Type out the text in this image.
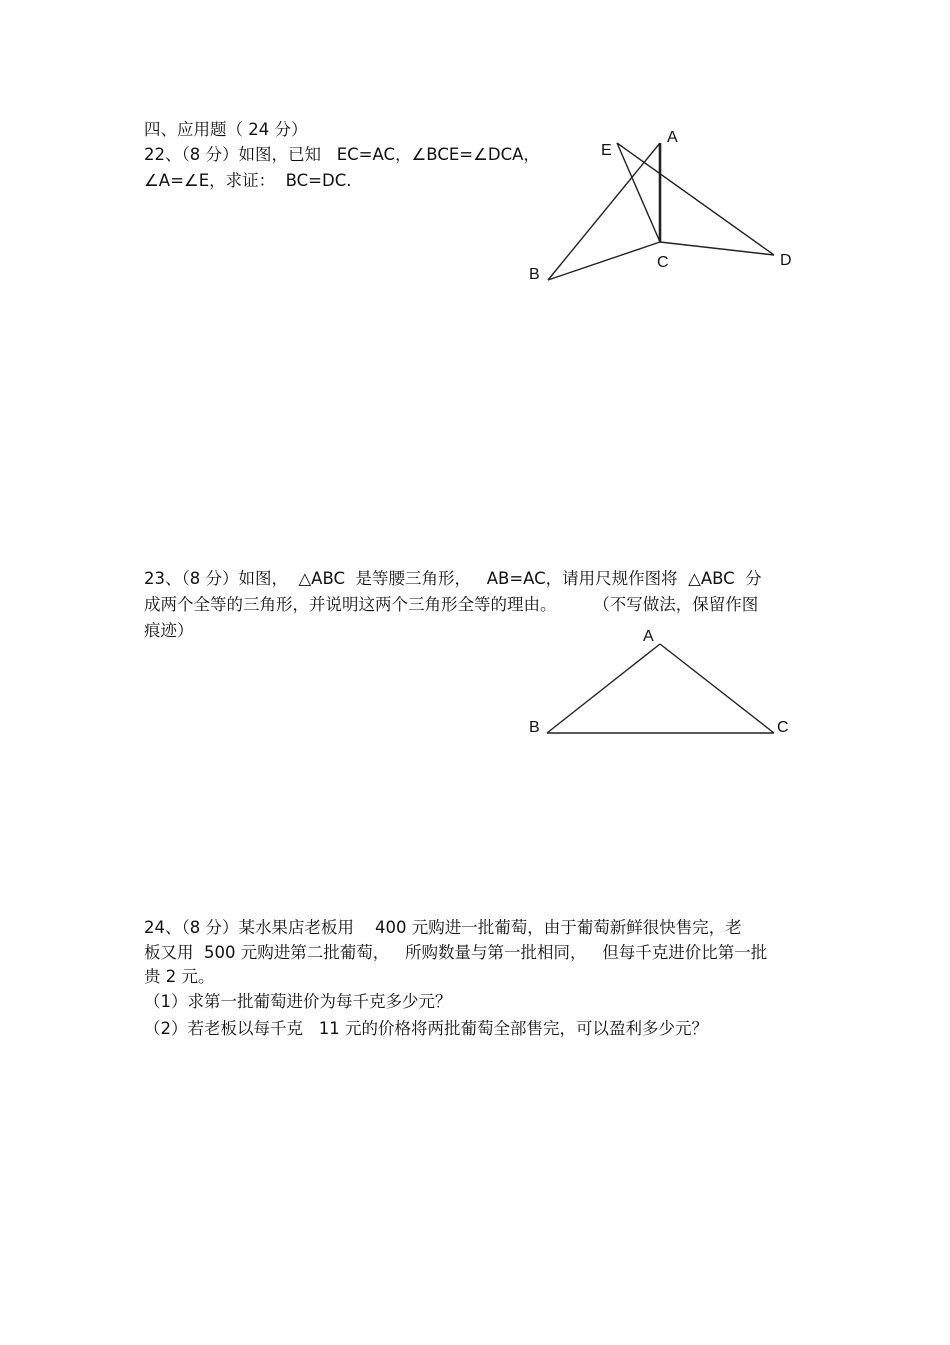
四、应用题（ 24 分）
22、（8 分）如图，已知   EC=AC，∠BCE=∠DCA，
∠A=∠E，求证：  BC=DC.
A
E
B
C	D
23、（8 分）如图，  △ABC  是等腰三角形，   AB=AC，请用尺规作图将  △ABC  分
成两个全等的三角形，并说明这两个三角形全等的理由。       （不写做法，保留作图
痕迹）	A
B	C
24、（8 分）某水果店老板用    400 元购进一批葡萄，由于葡萄新鲜很快售完，老
板又用  500 元购进第二批葡萄，   所购数量与第一批相同，   但每千克进价比第一批
贵 2 元。
（1）求第一批葡萄进价为每千克多少元？
（2）若老板以每千克   11 元的价格将两批葡萄全部售完，可以盈利多少元？
